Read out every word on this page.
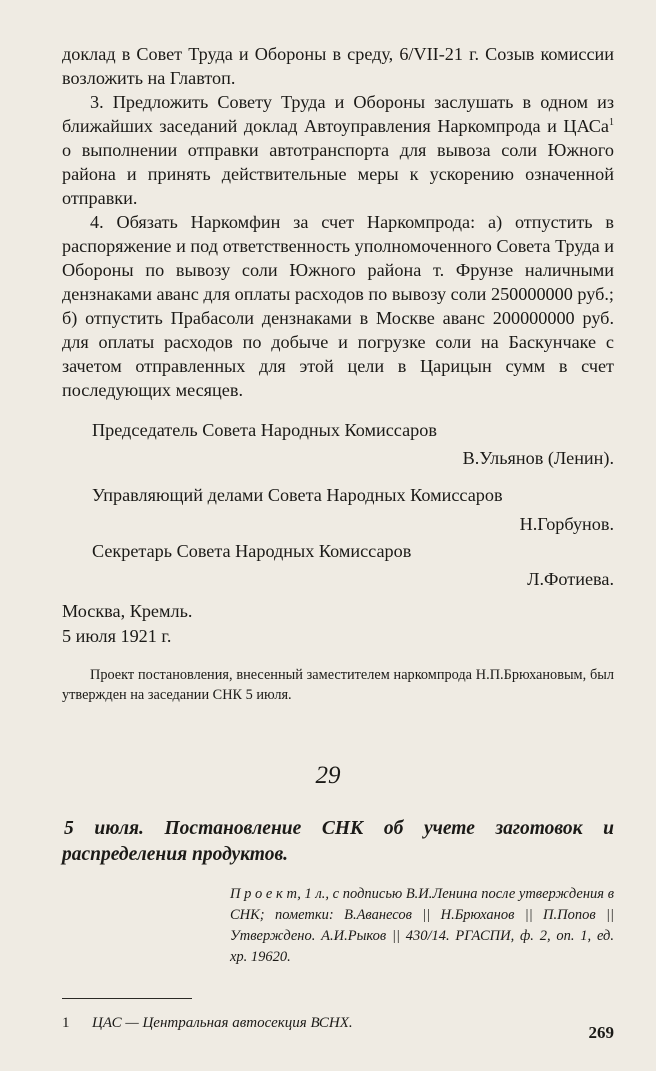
доклад в Совет Труда и Обороны в среду, 6/VII-21 г. Созыв комиссии возложить на Главтоп.

3. Предложить Совету Труда и Обороны заслушать в одном из ближайших заседаний доклад Автоуправления Наркомпрода и ЦАСа$^1$ о выполнении отправки автотранспорта для вывоза соли Южного района и принять действительные меры к ускорению означенной отправки.

4. Обязать Наркомфин за счет Наркомпрода: а) отпустить в распоряжение и под ответственность уполномоченного Совета Труда и Обороны по вывозу соли Южного района т. Фрунзе наличными дензнаками аванс для оплаты расходов по вывозу соли 250000000 руб.; б) отпустить Прабасоли дензнаками в Москве аванс 200000000 руб. для оплаты расходов по добыче и погрузке соли на Баскунчаке с зачетом отправленных для этой цели в Царицын сумм в счет последующих месяцев.

Председатель Совета Народных Комиссаров
В.Ульянов (Ленин).
Управляющий делами Совета Народных Комиссаров
Н.Горбунов.
Секретарь Совета Народных Комиссаров
Л.Фотиева.
Москва, Кремль.
5 июля 1921 г.

Проект постановления, внесенный заместителем наркомпрода Н.П.Брюхановым, был утвержден на заседании СНК 5 июля.

29

5 июля. Постановление СНК об учете заготовок и распределения продуктов.

П р о е к т, 1 л., с подписью В.И.Ленина после утверждения в СНК; пометки: В.Аванесов || Н.Брюханов || П.Попов || Утверждено. А.И.Рыков || 430/14. РГАСПИ, ф. 2, оп. 1, ед. хр. 19620.

1 ЦАС — Центральная автосекция ВСНХ.	269
